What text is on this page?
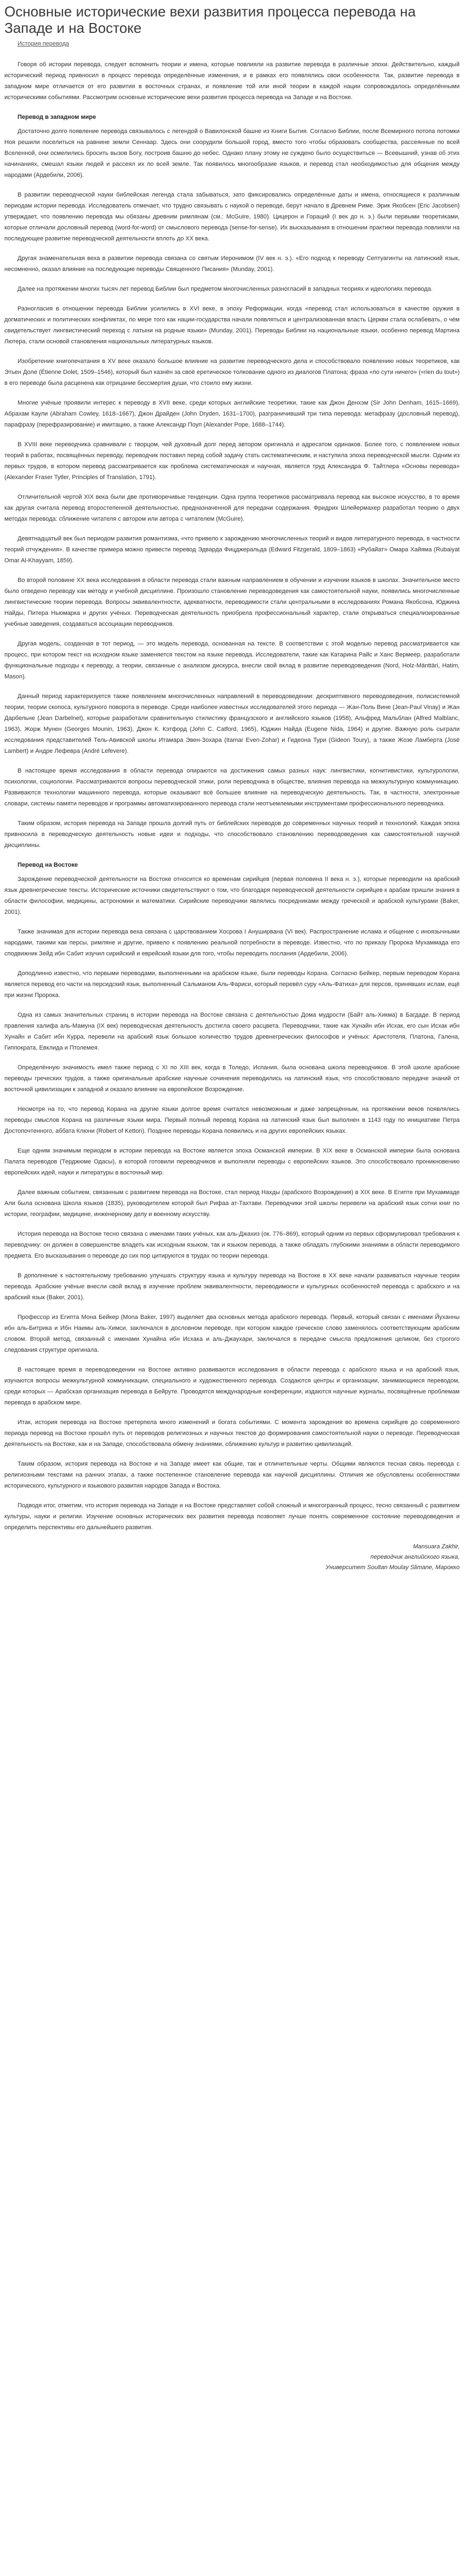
Основные исторические вехи развития процесса перевода на Западе и на Востоке
История перевода

Говоря об истории перевода, следует вспомнить теории и имена, которые повлияли на развитие перевода в различные эпохи. Действительно, каждый исторический период привносил в процесс перевода определённые изменения, и в рамках его появлялись свои особенности. Так, развитие перевода в западном мире отличается от его развития в восточных странах, и появление той или иной теории в каждой нации сопровождалось определёнными историческими событиями. Рассмотрим основные исторические вехи развития процесса перевода на Западе и на Востоке.

Перевод в западном мире

Достаточно долго появление перевода связывалось с легендой о Вавилонской башне из Книги Бытия. Согласно Библии, после Всемирного потопа потомки Ноя решили поселиться на равнине земли Сеннаар. Здесь они соорудили большой город, вместо того чтобы образовать сообщества, рассеянные по всей Вселенной, они осмелились бросить вызов Богу, построив башню до небес. Однако плану этому не суждено было осуществиться — Всевышний, узнав об этих начинаниях, смешал языки людей и рассеял их по всей земле. Так появилось многообразие языков, и перевод стал необходимостью для общения между народами (Ардебили, 2006).

В развитии переводческой науки библейская легенда стала забываться, зато фиксировались определённые даты и имена, относящиеся к различным периодам истории перевода. Исследователь отмечает, что трудно связывать с наукой о переводе, берут начало в Древнем Риме. Эрик Якобсен (Eric Jacobsen) утверждает, что появлению перевода мы обязаны древним римлянам (см.: McGuire, 1980). Цицерон и Гораций (I век до н. э.) были первыми теоретиками, которые отличали дословный перевод (word-for-word) от смыслового перевода (sense-for-sense). Их высказывания в отношении практики перевода повлияли на последующее развитие переводческой деятельности вплоть до XX века.

Другая знаменательная веха в развитии перевода связана со святым Иеронимом (IV век н. э.). «Его подход к переводу Септуагинты на латинский язык, несомненно, оказал влияние на последующие переводы Священного Писания» (Munday, 2001).

Далее на протяжении многих тысяч лет перевод Библии был предметом многочисленных разногласий в западных теориях и идеологиях перевода.

Разногласия в отношении перевода Библии усилились в XVI веке, в эпоху Реформации, когда «перевод стал использоваться в качестве оружия в догматических и политических конфликтах, по мере того как нации-государства начали появляться и централизованная власть Церкви стала ослабевать, о чём свидетельствует лингвистический переход с латыни на родные языки» (Munday, 2001). Переводы Библии на национальные языки, особенно перевод Мартина Лютера, стали основой становления национальных литературных языков.

Изобретение книгопечатания в XV веке оказало большое влияние на развитие переводческого дела и способствовало появлению новых теоретиков, как Этьен Доле (Étienne Dolet, 1509–1546), который был казнён за своё еретическое толкование одного из диалогов Платона; фраза «по сути ничего» («rien du tout») в его переводе была расценена как отрицание бессмертия души, что стоило ему жизни.

Многие учёные проявили интерес к переводу в XVII веке, среди которых английские теоретики, такие как Джон Денхэм (Sir John Denham, 1615–1669), Абрахам Каули (Abraham Cowley, 1618–1667), Джон Драйден (John Dryden, 1631–1700), разграничивший три типа перевода: метафразу (дословный перевод), парафразу (перефразирование) и имитацию, а также Александр Поуп (Alexander Pope, 1688–1744).

В XVIII веке переводчика сравнивали с творцом, чей духовный долг перед автором оригинала и адресатом одинаков. Более того, с появлением новых теорий в работах, посвящённых переводу, переводчик поставил перед собой задачу стать систематическим, и наступила эпоха переводческой мысли. Одним из первых трудов, в котором перевод рассматривается как проблема систематическая и научная, является труд Александра Ф. Тайтлера «Основы перевода» (Alexander Fraser Tytler, Principles of Translation, 1791).

Отличительной чертой XIX века были две противоречивые тенденции. Одна группа теоретиков рассматривала перевод как высокое искусство, в то время как другая считала перевод второстепенной деятельностью, предназначенной для передачи содержания. Фридрих Шлейермахер разработал теорию о двух методах перевода: сближение читателя с автором или автора с читателем (McGuire).

Девятнадцатый век был периодом развития романтизма, «что привело к зарождению многочисленных теорий и видов литературного перевода, в частности теорий отчуждения». В качестве примера можно привести перевод Эдварда Фицджеральда (Edward Fitzgerald, 1809–1863) «Рубайат» Омара Хайяма (Rubaiyat Omar Al-Khayyam, 1859).

Во второй половине XX века исследования в области перевода стали важным направлением в обучении и изучении языков в школах. Значительное место было отведено переводу как методу и учебной дисциплине. Произошло становление переводоведения как самостоятельной науки, появились многочисленные лингвистические теории перевода. Вопросы эквивалентности, адекватности, переводимости стали центральными в исследованиях Романа Якобсона, Юджина Найды, Питера Ньюмарка и других учёных. Переводческая деятельность приобрела профессиональный характер, стали открываться специализированные учебные заведения, создаваться ассоциации переводчиков.

Другая модель, созданная в тот период, — это модель перевода, основанная на тексте. В соответствии с этой моделью перевод рассматривается как процесс, при котором текст на исходном языке заменяется текстом на языке перевода. Исследователи, такие как Катарина Райс и Ханс Вермеер, разработали функциональные подходы к переводу, а теории, связанные с анализом дискурса, внесли свой вклад в развитие переводоведения (Nord, Holz-Mänttäri, Hatim, Mason).

Данный период характеризуется также появлением многочисленных направлений в переводоведении: дескриптивного переводоведения, полисистемной теории, теории скопоса, культурного поворота в переводе. Среди наиболее известных исследователей этого периода — Жан-Поль Вине (Jean-Paul Vinay) и Жан Дарбельне (Jean Darbelnet), которые разработали сравнительную стилистику французского и английского языков (1958), Альфред Мальблан (Alfred Malblanc, 1963), Жорж Мунен (Georges Mounin, 1963), Джон К. Кэтфорд (John C. Catford, 1965), Юджин Найда (Eugene Nida, 1964) и другие. Важную роль сыграли исследования представителей Тель-Авивской школы Итамара Эвен-Зохара (Itamar Even-Zohar) и Гидеона Тури (Gideon Toury), а также Жозе Ламберта (José Lambert) и Андре Лефевра (André Lefevere).

В настоящее время исследования в области перевода опираются на достижения самых разных наук: лингвистики, когнитивистики, культурологии, психологии, социологии. Рассматриваются вопросы переводческой этики, роли переводчика в обществе, влияния перевода на межкультурную коммуникацию. Развиваются технологии машинного перевода, которые оказывают всё большее влияние на переводческую деятельность. Так, в частности, электронные словари, системы памяти переводов и программы автоматизированного перевода стали неотъемлемыми инструментами профессионального переводчика.

Таким образом, история перевода на Западе прошла долгий путь от библейских переводов до современных научных теорий и технологий. Каждая эпоха привносила в переводческую деятельность новые идеи и подходы, что способствовало становлению переводоведения как самостоятельной научной дисциплины.

Перевод на Востоке

Зарождение переводческой деятельности на Востоке относится ко временам сирийцев (первая половина II века н. э.), которые переводили на арабский язык древнегреческие тексты. Исторические источники свидетельствуют о том, что благодаря переводческой деятельности сирийцев к арабам пришли знания в области философии, медицины, астрономии и математики. Сирийские переводчики являлись посредниками между греческой и арабской культурами (Baker, 2001).

Также значимая для истории перевода веха связана с царствованием Хосрова I Ануширвана (VI век). Распространение ислама и общение с иноязычными народами, такими как персы, римляне и другие, привело к появлению реальной потребности в переводе. Известно, что по приказу Пророка Мухаммада его сподвижник Зейд ибн Сабит изучил сирийский и еврейский языки для того, чтобы переводить послания (Ардебили, 2006).

Доподлинно известно, что первыми переводами, выполненными на арабском языке, были переводы Корана. Согласно Бейкер, первым переводом Корана является перевод его части на персидский язык, выполненный Сальманом Аль-Фариси, который перевёл суру «Аль-Фатиха» для персов, принявших ислам, ещё при жизни Пророка.

Одна из самых значительных страниц в истории перевода на Востоке связана с деятельностью Дома мудрости (Байт аль-Хикма) в Багдаде. В период правления халифа аль-Мамуна (IX век) переводческая деятельность достигла своего расцвета. Переводчики, такие как Хунайн ибн Исхак, его сын Исхак ибн Хунайн и Сабит ибн Курра, перевели на арабский язык большое количество трудов древнегреческих философов и учёных: Аристотеля, Платона, Галена, Гиппократа, Евклида и Птолемея.

Определённую значимость имел также период с XI по XIII век, когда в Толедо, Испания, была основана школа переводчиков. В этой школе арабские переводы греческих трудов, а также оригинальные арабские научные сочинения переводились на латинский язык, что способствовало передаче знаний от восточной цивилизации к западной и оказало влияние на европейское Возрождение.

Несмотря на то, что перевод Корана на другие языки долгое время считался невозможным и даже запрещённым, на протяжении веков появлялись переводы смыслов Корана на различные языки мира. Первый полный перевод Корана на латинский язык был выполнен в 1143 году по инициативе Петра Достопочтенного, аббата Клюни (Robert of Ketton). Позднее переводы Корана появились и на других европейских языках.

Еще одним значимым периодом в истории перевода на Востоке является эпоха Османской империи. В XIX веке в Османской империи была основана Палата переводов (Терджюме Одасы), в которой готовили переводчиков и выполняли переводы с европейских языков. Это способствовало проникновению европейских идей, науки и литературы в восточный мир.

Далее важным событием, связанным с развитием перевода на Востоке, стал период Нахды (арабского Возрождения) в XIX веке. В Египте при Мухаммаде Али была основана Школа языков (1835), руководителем которой был Рифаа ат-Тахтави. Переводчики этой школы перевели на арабский язык сотни книг по истории, географии, медицине, инженерному делу и военному искусству.

История перевода на Востоке тесно связана с именами таких учёных, как аль-Джахиз (ок. 776–869), который одним из первых сформулировал требования к переводчику: он должен в совершенстве владеть как исходным языком, так и языком перевода, а также обладать глубокими знаниями в области переводимого предмета. Его высказывания о переводе до сих пор цитируются в трудах по теории перевода.

В дополнение к настоятельному требованию улучшать структуру языка и культуру перевода на Востоке в XX веке начали развиваться научные теории перевода. Арабские учёные внесли свой вклад в изучение проблем эквивалентности, переводимости и культурных особенностей перевода с арабского и на арабский язык (Baker, 2001).

Профессор из Египта Мона Бейкер (Mona Baker, 1997) выделяет два основных метода арабского перевода. Первый, который связан с именами Йуханны ибн аль-Битрика и Ибн Наимы аль-Химси, заключался в дословном переводе, при котором каждое греческое слово заменялось соответствующим арабским словом. Второй метод, связанный с именами Хунайна ибн Исхака и аль-Джаухари, заключался в передаче смысла предложения целиком, без строгого следования структуре оригинала.

В настоящее время в переводоведении на Востоке активно развиваются исследования в области перевода с арабского языка и на арабский язык, изучаются вопросы межкультурной коммуникации, специального и художественного перевода. Создаются центры и организации, занимающиеся переводом, среди которых — Арабская организация перевода в Бейруте. Проводятся международные конференции, издаются научные журналы, посвящённые проблемам перевода в арабском мире.

Итак, история перевода на Востоке претерпела много изменений и богата событиями. С момента зарождения во времена сирийцев до современного периода перевод на Востоке прошёл путь от переводов религиозных и научных текстов до формирования самостоятельной науки о переводе. Переводческая деятельность на Востоке, как и на Западе, способствовала обмену знаниями, сближению культур и развитию цивилизаций.

Таким образом, история перевода на Востоке и на Западе имеет как общие, так и отличительные черты. Общими являются тесная связь перевода с религиозными текстами на ранних этапах, а также постепенное становление перевода как научной дисциплины. Отличия же обусловлены особенностями исторического, культурного и языкового развития народов Запада и Востока.

Подводя итог, отметим, что история перевода на Западе и на Востоке представляет собой сложный и многогранный процесс, тесно связанный с развитием культуры, науки и религии. Изучение основных исторических вех развития перевода позволяет лучше понять современное состояние переводоведения и определить перспективы его дальнейшего развития.

Mansuara Zakhir,
переводчик английского языка,
Университет Soultan Moulay Slimane, Марокко
